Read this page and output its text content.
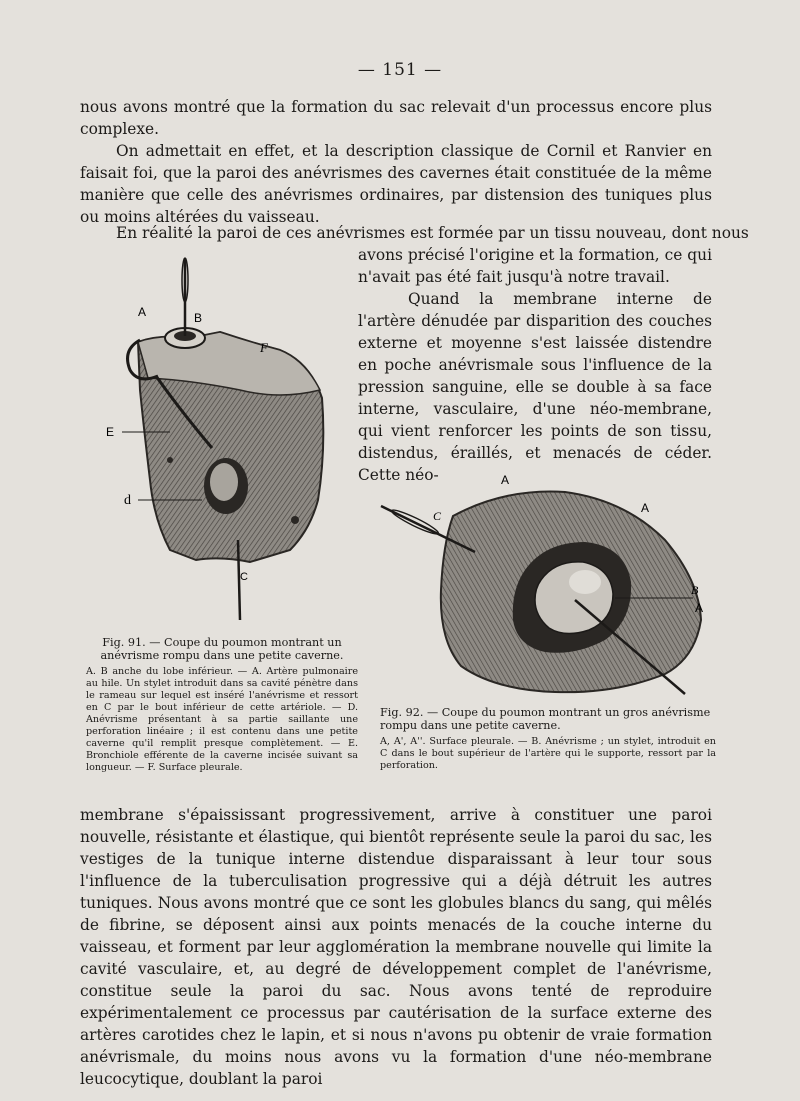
— 151 —
nous avons montré que la formation du sac relevait d'un processus encore plus complexe.
On admettait en effet, et la description classique de Cornil et Ranvier en faisait foi, que la paroi des anévrismes des cavernes était constituée de la même manière que celle des anévrismes ordinaires, par distension des tuniques plus ou moins altérées du vaisseau.
En réalité la paroi de ces anévrismes est formée par un tissu nouveau, dont nous
avons précisé l'origine et la formation, ce qui n'avait pas été fait jusqu'à notre travail.
Quand la membrane interne de l'artère dénudée par disparition des couches externe et moyenne s'est laissée distendre en poche anévrismale sous l'influence de la pression sanguine, elle se double à sa face interne, vasculaire, d'une néo-membrane, qui vient renforcer les points de son tissu, distendus, éraillés, et menacés de céder. Cette néo-
A	B
F
E
d
C
Fig. 91. — Coupe du poumon montrant un anévrisme rompu dans une petite caverne.
A. B anche du lobe inférieur. — A. Artère pulmonaire au hile. Un stylet introduit dans sa cavité pénètre dans le rameau sur lequel est inséré l'anévrisme et ressort en C par le bout inférieur de cette artériole. — D. Anévrisme présentant à sa partie saillante une perforation linéaire ; il est contenu dans une petite caverne qu'il remplit presque complètement. — E. Bronchiole efférente de la caverne incisée suivant sa longueur. — F. Surface pleurale.
A
A
C
B
A
Fig. 92. — Coupe du poumon montrant un gros anévrisme rompu dans une petite caverne.
A, A', A''. Surface pleurale. — B. Anévrisme ; un stylet, introduit en C dans le bout supérieur de l'artère qui le supporte, ressort par la perforation.
membrane s'épaississant progressivement, arrive à constituer une paroi nouvelle, résistante et élastique, qui bientôt représente seule la paroi du sac, les vestiges de la tunique interne distendue disparaissant à leur tour sous l'influence de la tuberculisation progressive qui a déjà détruit les autres tuniques. Nous avons montré que ce sont les globules blancs du sang, qui mêlés de fibrine, se déposent ainsi aux points menacés de la couche interne du vaisseau, et forment par leur agglomération la membrane nouvelle qui limite la cavité vasculaire, et, au degré de développement complet de l'anévrisme, constitue seule la paroi du sac. Nous avons tenté de reproduire expérimentalement ce processus par cautérisation de la surface externe des artères carotides chez le lapin, et si nous n'avons pu obtenir de vraie formation anévrismale, du moins nous avons vu la formation d'une néo-membrane leucocytique, doublant la paroi
